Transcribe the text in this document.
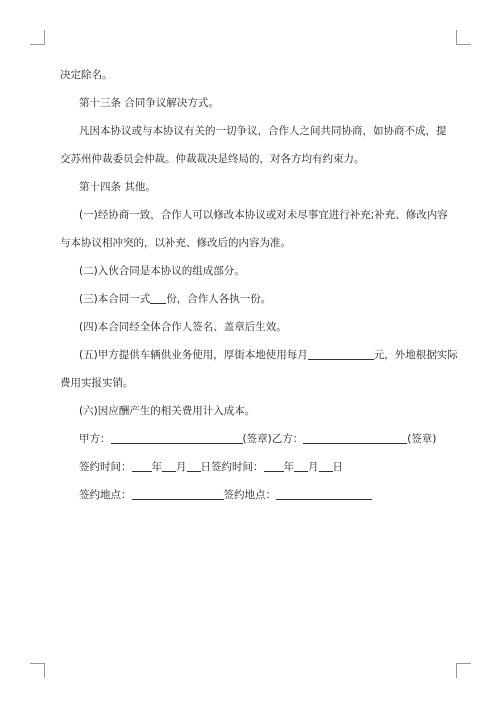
决定除名。
第十三条 合同争议解决方式。
凡因本协议或与本协议有关的一切争议，合作人之间共同协商，如协商不成，提
交苏州仲裁委员会仲裁。仲裁裁决是终局的，对各方均有约束力。
第十四条 其他。
(一)经协商一致，合作人可以修改本协议或对未尽事宜进行补充;补充、修改内容
与本协议相冲突的，以补充、修改后的内容为准。
(二)入伙合同是本协议的组成部分。
(三)本合同一式 份，合作人各执一份。
(四)本合同经全体合作人签名、盖章后生效。
(五)甲方提供车辆供业务使用，厚街本地使用每月	元，外地根据实际
费用实报实销。
(六)因应酬产生的相关费用计入成本。
甲方：	(签章)乙方：	(签章)
签约时间： 年 月 日签约时间： 年 月 日
签约地点：	签约地点：
